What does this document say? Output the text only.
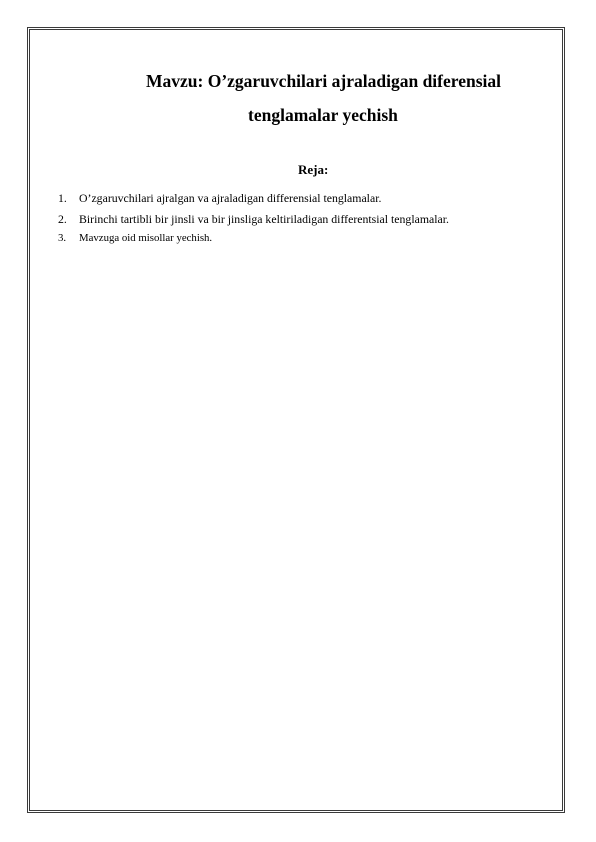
Mavzu: O’zgaruvchilari ajraladigan diferensial
tenglamalar yechish
Reja:
1.	O’zgaruvchilari ajralgan va ajraladigan differensial tenglamalar.
2.	Birinchi tartibli bir jinsli va bir jinsliga keltiriladigan differentsial tenglamalar.
3.	Mavzuga oid misollar yechish.
